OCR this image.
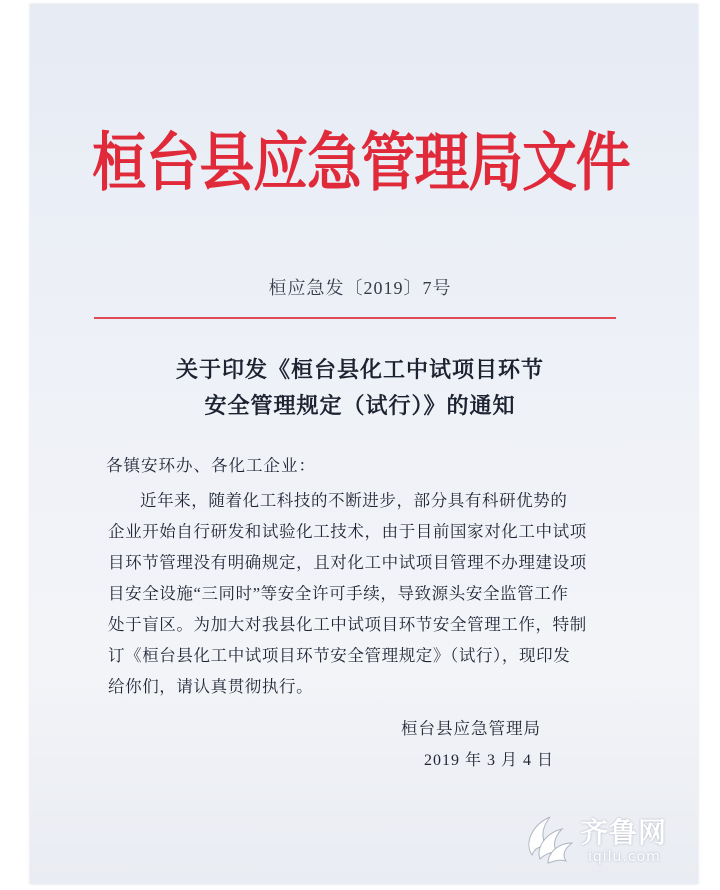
桓台县应急管理局文件
桓应急发〔2019〕7号
关于印发《桓台县化工中试项目环节
安全管理规定（试行）》的通知
各镇安环办、各化工企业：
近年来，随着化工科技的不断进步，部分具有科研优势的
企业开始自行研发和试验化工技术，由于目前国家对化工中试项
目环节管理没有明确规定，且对化工中试项目管理不办理建设项
目安全设施“三同时”等安全许可手续，导致源头安全监管工作
处于盲区。为加大对我县化工中试项目环节安全管理工作，特制
订《桓台县化工中试项目环节安全管理规定》（试行），现印发
给你们，请认真贯彻执行。
桓台县应急管理局
2019 年 3 月 4 日
齐鲁网
iqilu.com
